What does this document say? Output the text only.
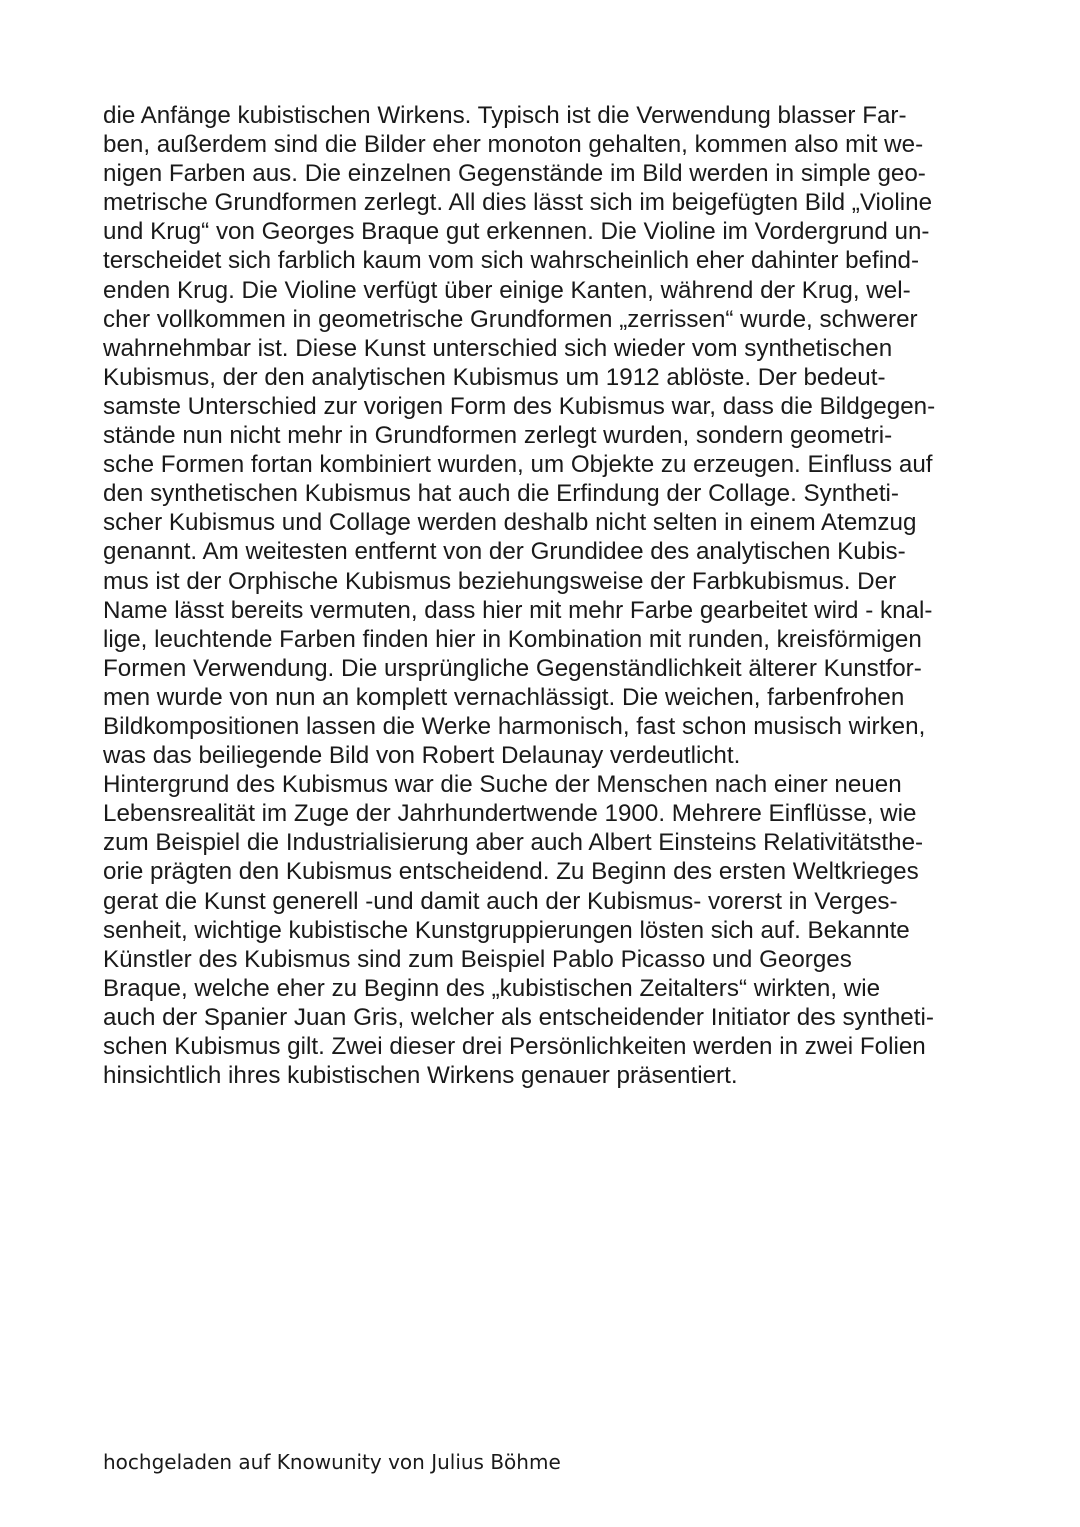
die Anfänge kubistischen Wirkens. Typisch ist die Verwendung blasser Far-
ben, außerdem sind die Bilder eher monoton gehalten, kommen also mit we-
nigen Farben aus. Die einzelnen Gegenstände im Bild werden in simple geo-
metrische Grundformen zerlegt. All dies lässt sich im beigefügten Bild „Violine
und Krug“ von Georges Braque gut erkennen. Die Violine im Vordergrund un-
terscheidet sich farblich kaum vom sich wahrscheinlich eher dahinter befind-
enden Krug. Die Violine verfügt über einige Kanten, während der Krug, wel-
cher vollkommen in geometrische Grundformen „zerrissen“ wurde, schwerer
wahrnehmbar ist. Diese Kunst unterschied sich wieder vom synthetischen
Kubismus, der den analytischen Kubismus um 1912 ablöste. Der bedeut-
samste Unterschied zur vorigen Form des Kubismus war, dass die Bildgegen-
stände nun nicht mehr in Grundformen zerlegt wurden, sondern geometri-
sche Formen fortan kombiniert wurden, um Objekte zu erzeugen. Einfluss auf
den synthetischen Kubismus hat auch die Erfindung der Collage. Syntheti-
scher Kubismus und Collage werden deshalb nicht selten in einem Atemzug
genannt. Am weitesten entfernt von der Grundidee des analytischen Kubis-
mus ist der Orphische Kubismus beziehungsweise der Farbkubismus. Der
Name lässt bereits vermuten, dass hier mit mehr Farbe gearbeitet wird - knal-
lige, leuchtende Farben finden hier in Kombination mit runden, kreisförmigen
Formen Verwendung. Die ursprüngliche Gegenständlichkeit älterer Kunstfor-
men wurde von nun an komplett vernachlässigt. Die weichen, farbenfrohen
Bildkompositionen lassen die Werke harmonisch, fast schon musisch wirken,
was das beiliegende Bild von Robert Delaunay verdeutlicht.
Hintergrund des Kubismus war die Suche der Menschen nach einer neuen
Lebensrealität im Zuge der Jahrhundertwende 1900. Mehrere Einflüsse, wie
zum Beispiel die Industrialisierung aber auch Albert Einsteins Relativitätsthe-
orie prägten den Kubismus entscheidend. Zu Beginn des ersten Weltkrieges
gerat die Kunst generell -und damit auch der Kubismus- vorerst in Verges-
senheit, wichtige kubistische Kunstgruppierungen lösten sich auf. Bekannte
Künstler des Kubismus sind zum Beispiel Pablo Picasso und Georges
Braque, welche eher zu Beginn des „kubistischen Zeitalters“ wirkten, wie
auch der Spanier Juan Gris, welcher als entscheidender Initiator des syntheti-
schen Kubismus gilt. Zwei dieser drei Persönlichkeiten werden in zwei Folien
hinsichtlich ihres kubistischen Wirkens genauer präsentiert.

hochgeladen auf Knowunity von Julius Böhme
